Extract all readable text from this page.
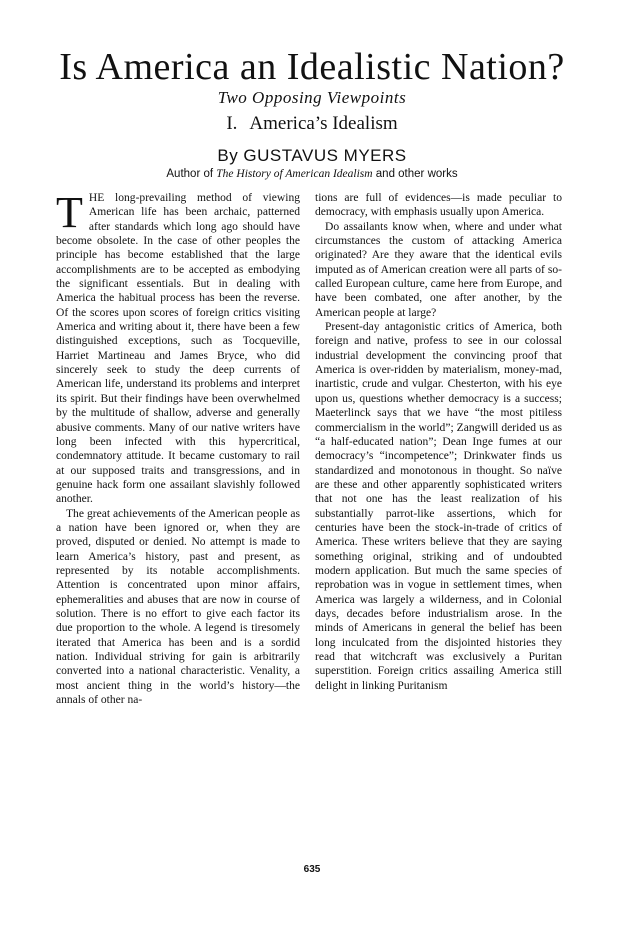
Is America an Idealistic Nation?
Two Opposing Viewpoints
I. America’s Idealism
By GUSTAVUS MYERS
Author of The History of American Idealism and other works

THE long-prevailing method of viewing American life has been archaic, patterned after standards which long ago should have become obsolete. In the case of other peoples the principle has become established that the large accomplishments are to be accepted as embodying the significant essentials. But in dealing with America the habitual process has been the reverse. Of the scores upon scores of foreign critics visiting America and writing about it, there have been a few distinguished exceptions, such as Tocqueville, Harriet Martineau and James Bryce, who did sincerely seek to study the deep currents of American life, understand its problems and interpret its spirit. But their findings have been overwhelmed by the multitude of shallow, adverse and generally abusive comments. Many of our native writers have long been infected with this hypercritical, condemnatory attitude. It became customary to rail at our supposed traits and transgressions, and in genuine hack form one assailant slavishly followed another.

The great achievements of the American people as a nation have been ignored or, when they are proved, disputed or denied. No attempt is made to learn America’s history, past and present, as represented by its notable accomplishments. Attention is concentrated upon minor affairs, ephemeralities and abuses that are now in course of solution. There is no effort to give each factor its due proportion to the whole. A legend is tiresomely iterated that America has been and is a sordid nation. Individual striving for gain is arbitrarily converted into a national characteristic. Venality, a most ancient thing in the world’s history—the annals of other na-

tions are full of evidences—is made peculiar to democracy, with emphasis usually upon America.

Do assailants know when, where and under what circumstances the custom of attacking America originated? Are they aware that the identical evils imputed as of American creation were all parts of so-called European culture, came here from Europe, and have been combated, one after another, by the American people at large?

Present-day antagonistic critics of America, both foreign and native, profess to see in our colossal industrial development the convincing proof that America is over-ridden by materialism, money-mad, inartistic, crude and vulgar. Chesterton, with his eye upon us, questions whether democracy is a success; Maeterlinck says that we have “the most pitiless commercialism in the world”; Zangwill derided us as “a half-educated nation”; Dean Inge fumes at our democracy’s “incompetence”; Drinkwater finds us standardized and monotonous in thought. So naïve are these and other apparently sophisticated writers that not one has the least realization of his substantially parrot-like assertions, which for centuries have been the stock-in-trade of critics of America. These writers believe that they are saying something original, striking and of undoubted modern application. But much the same species of reprobation was in vogue in settlement times, when America was largely a wilderness, and in Colonial days, decades before industrialism arose. In the minds of Americans in general the belief has been long inculcated from the disjointed histories they read that witchcraft was exclusively a Puritan superstition. Foreign critics assailing America still delight in linking Puritanism

635
